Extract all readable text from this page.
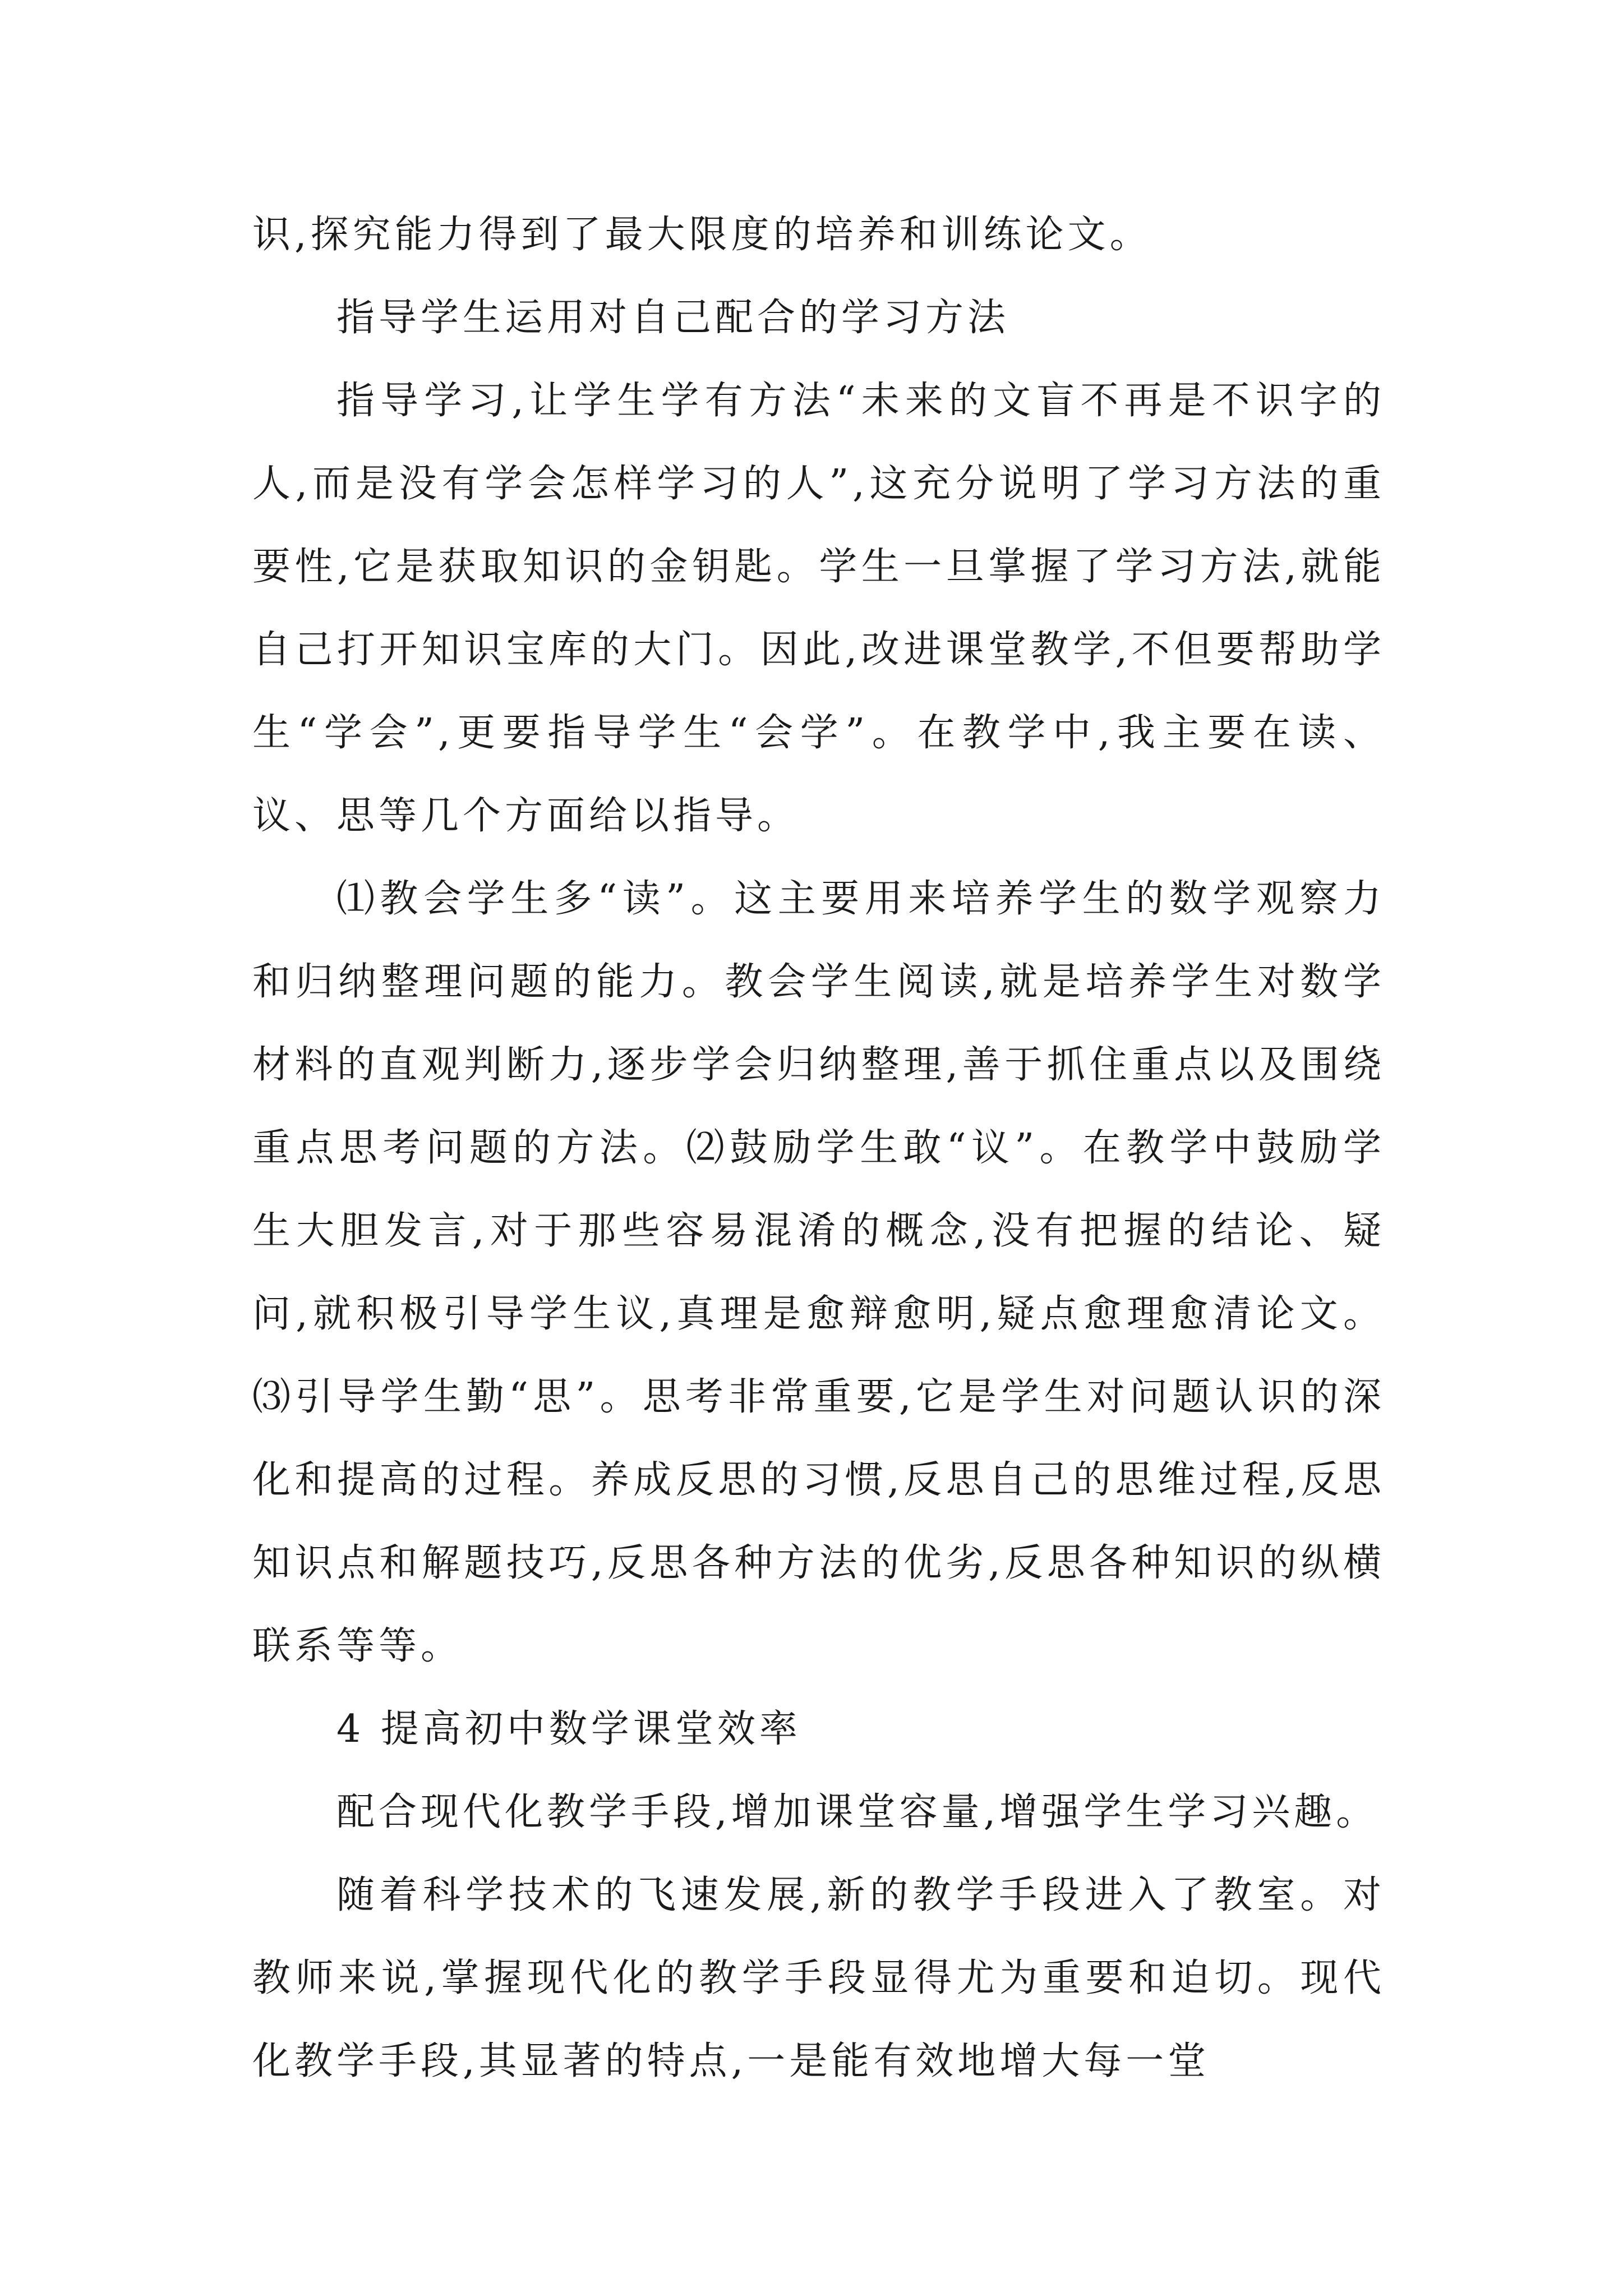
识,探究能力得到了最大限度的培养和训练论文。

指导学生运用对自己配合的学习方法

指导学习,让学生学有方法“未来的文盲不再是不识字的人,而是没有学会怎样学习的人”,这充分说明了学习方法的重要性,它是获取知识的金钥匙。学生一旦掌握了学习方法,就能自己打开知识宝库的大门。因此,改进课堂教学,不但要帮助学生“学会”,更要指导学生“会学”。在教学中,我主要在读、议、思等几个方面给以指导。

⑴教会学生多“读”。这主要用来培养学生的数学观察力和归纳整理问题的能力。教会学生阅读,就是培养学生对数学材料的直观判断力,逐步学会归纳整理,善于抓住重点以及围绕重点思考问题的方法。⑵鼓励学生敢“议”。在教学中鼓励学生大胆发言,对于那些容易混淆的概念,没有把握的结论、疑问,就积极引导学生议,真理是愈辩愈明,疑点愈理愈清论文。⑶引导学生勤“思”。思考非常重要,它是学生对问题认识的深化和提高的过程。养成反思的习惯,反思自己的思维过程,反思知识点和解题技巧,反思各种方法的优劣,反思各种知识的纵横联系等等。

4 提高初中数学课堂效率

配合现代化教学手段,增加课堂容量,增强学生学习兴趣。

随着科学技术的飞速发展,新的教学手段进入了教室。对教师来说,掌握现代化的教学手段显得尤为重要和迫切。现代化教学手段,其显著的特点,一是能有效地增大每一堂
